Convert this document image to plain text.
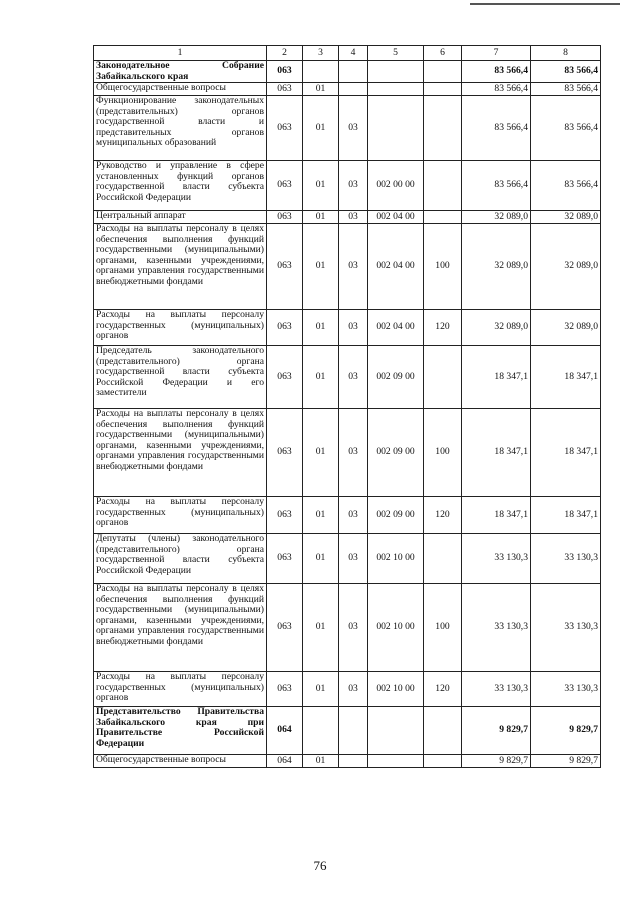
1	2	3	4	5	6	7	8
Законодательное Собрание Забайкальского края	063					83 566,4	83 566,4
Общегосударственные вопросы	063	01				83 566,4	83 566,4
Функционирование законодательных (представительных) органов государственной власти и представительных органов муниципальных образований	063	01	03			83 566,4	83 566,4
Руководство и управление в сфере установленных функций органов государственной власти субъекта Российской Федерации	063	01	03	002 00 00		83 566,4	83 566,4
Центральный аппарат	063	01	03	002 04 00		32 089,0	32 089,0
Расходы на выплаты персоналу в целях обеспечения выполнения функций государственными (муниципальными) органами, казенными учреждениями, органами управления государственными внебюджетными фондами	063	01	03	002 04 00	100	32 089,0	32 089,0
Расходы на выплаты персоналу государственных (муниципальных) органов	063	01	03	002 04 00	120	32 089,0	32 089,0
Председатель законодательного (представительного) органа государственной власти субъекта Российской Федерации и его заместители	063	01	03	002 09 00		18 347,1	18 347,1
Расходы на выплаты персоналу в целях обеспечения выполнения функций государственными (муниципальными) органами, казенными учреждениями, органами управления государственными внебюджетными фондами	063	01	03	002 09 00	100	18 347,1	18 347,1
Расходы на выплаты персоналу государственных (муниципальных) органов	063	01	03	002 09 00	120	18 347,1	18 347,1
Депутаты (члены) законодательного (представительного) органа государственной власти субъекта Российской Федерации	063	01	03	002 10 00		33 130,3	33 130,3
Расходы на выплаты персоналу в целях обеспечения выполнения функций государственными (муниципальными) органами, казенными учреждениями, органами управления государственными внебюджетными фондами	063	01	03	002 10 00	100	33 130,3	33 130,3
Расходы на выплаты персоналу государственных (муниципальных) органов	063	01	03	002 10 00	120	33 130,3	33 130,3
Представительство Правительства Забайкальского края при Правительстве Российской Федерации	064					9 829,7	9 829,7
Общегосударственные вопросы	064	01				9 829,7	9 829,7
76
